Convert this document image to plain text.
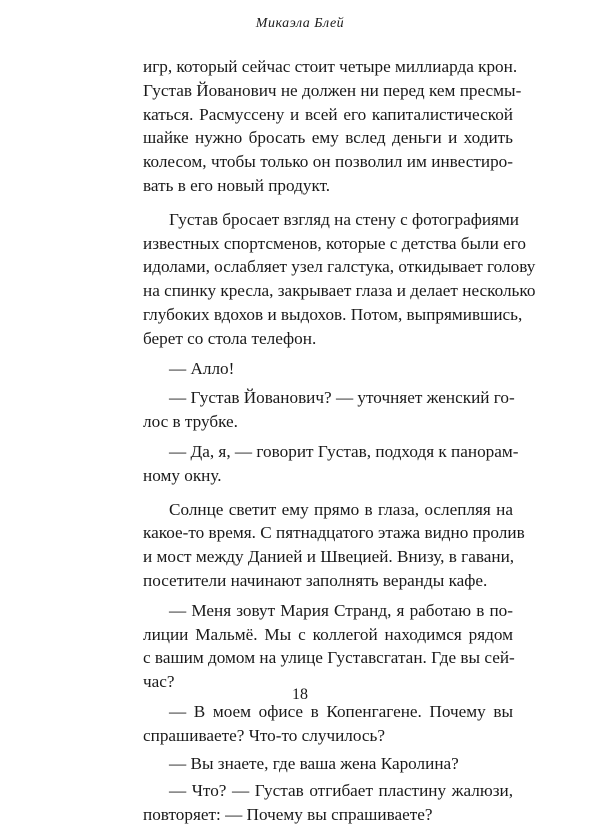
Микаэла Блей

игр, который сейчас стоит четыре миллиарда крон.
Густав Йованович не должен ни перед кем пресмы-
каться. Расмуссену и всей его капиталистической
шайке нужно бросать ему вслед деньги и ходить
колесом, чтобы только он позволил им инвестиро-
вать в его новый продукт.

Густав бросает взгляд на стену с фотографиями
известных спортсменов, которые с детства были его
идолами, ослабляет узел галстука, откидывает голову
на спинку кресла, закрывает глаза и делает несколько
глубоких вдохов и выдохов. Потом, выпрямившись,
берет со стола телефон.

— Алло!

— Густав Йованович? — уточняет женский го-
лос в трубке.

— Да, я, — говорит Густав, подходя к панорам-
ному окну.

Солнце светит ему прямо в глаза, ослепляя на
какое-то время. С пятнадцатого этажа видно пролив
и мост между Данией и Швецией. Внизу, в гавани,
посетители начинают заполнять веранды кафе.

— Меня зовут Мария Странд, я работаю в по-
лиции Мальмё. Мы с коллегой находимся рядом
с вашим домом на улице Густавсгатан. Где вы сей-
час?

— В моем офисе в Копенгагене. Почему вы
спрашиваете? Что-то случилось?

— Вы знаете, где ваша жена Каролина?

— Что? — Густав отгибает пластину жалюзи,
повторяет: — Почему вы спрашиваете?

18
